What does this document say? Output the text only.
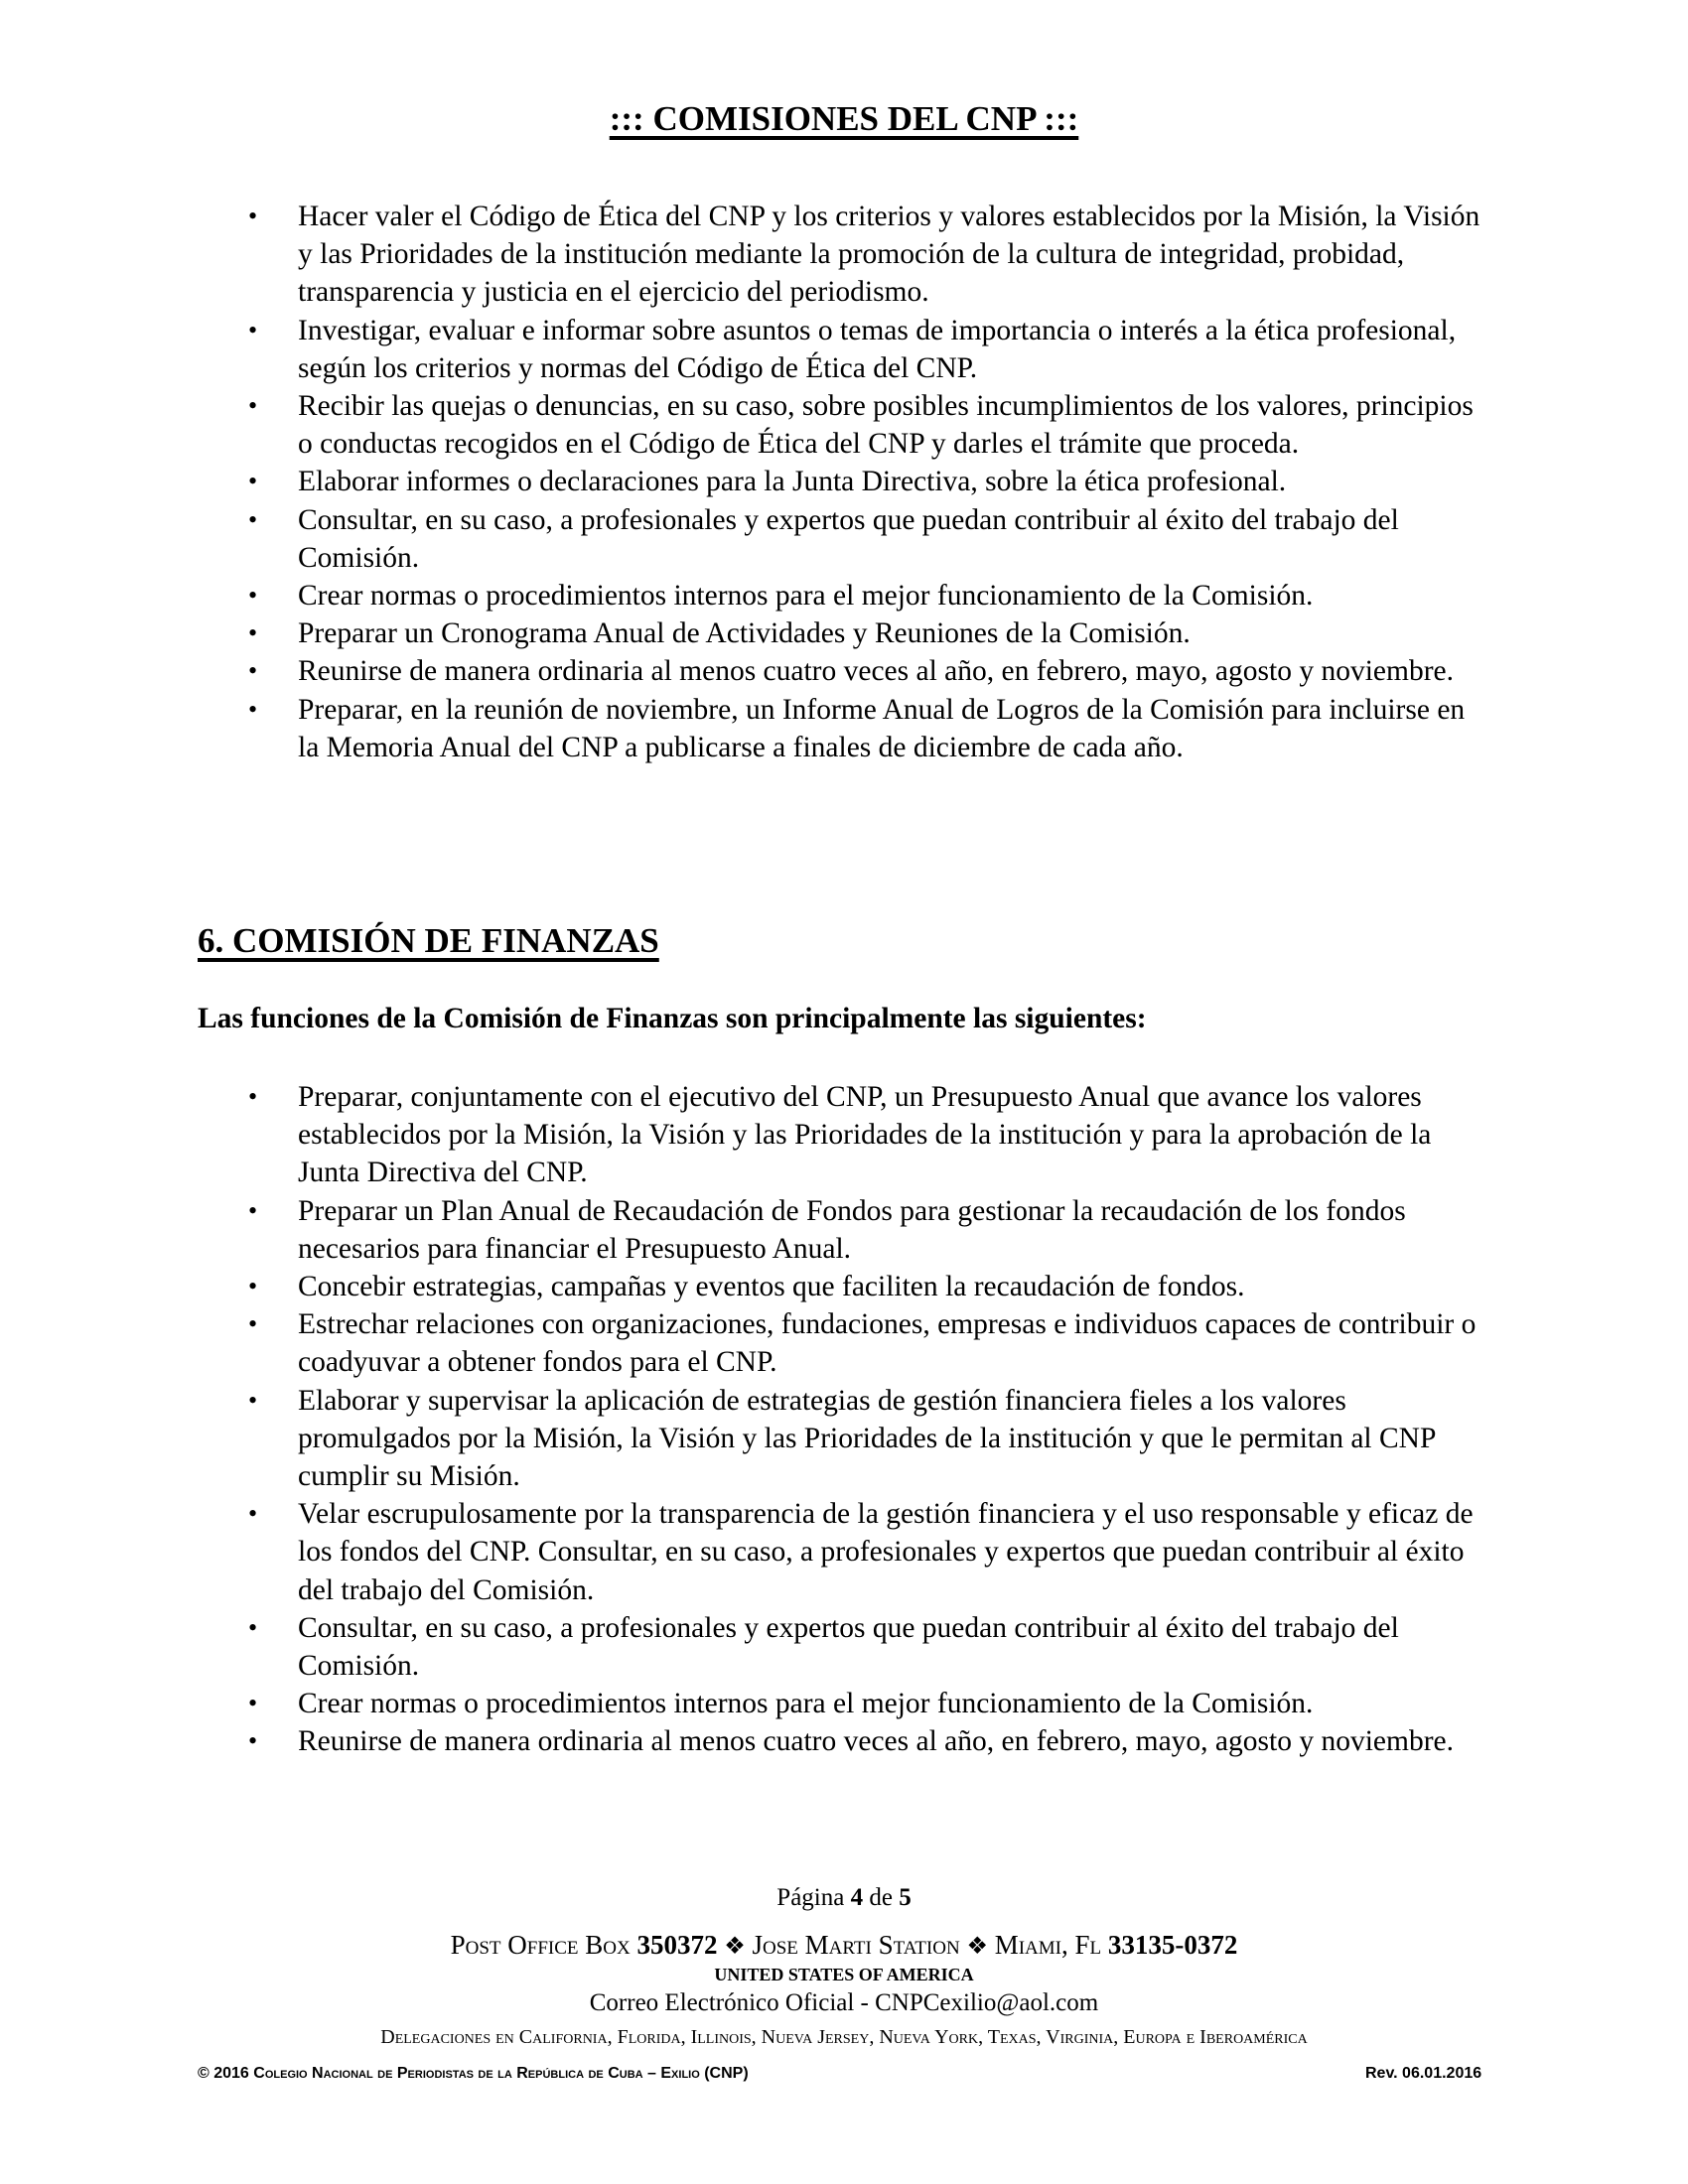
::: COMISIONES DEL CNP :::
•	Hacer valer el Código de Ética del CNP y los criterios y valores establecidos por la Misión, la Visión y las Prioridades de la institución mediante la promoción de la cultura de integridad, probidad, transparencia y justicia en el ejercicio del periodismo.
•	Investigar, evaluar e informar sobre asuntos o temas de importancia o interés a la ética profesional, según los criterios y normas del Código de Ética del CNP.
•	Recibir las quejas o denuncias, en su caso, sobre posibles incumplimientos de los valores, principios o conductas recogidos en el Código de Ética del CNP y darles el trámite que proceda.
•	Elaborar informes o declaraciones para la Junta Directiva, sobre la ética profesional.
•	Consultar, en su caso, a profesionales y expertos que puedan contribuir al éxito del trabajo del Comisión.
•	Crear normas o procedimientos internos para el mejor funcionamiento de la Comisión.
•	Preparar un Cronograma Anual de Actividades y Reuniones de la Comisión.
•	Reunirse de manera ordinaria al menos cuatro veces al año, en febrero, mayo, agosto y noviembre.
•	Preparar, en la reunión de noviembre, un Informe Anual de Logros de la Comisión para incluirse en la Memoria Anual del CNP a publicarse a finales de diciembre de cada año.
6. COMISIÓN DE FINANZAS
Las funciones de la Comisión de Finanzas son principalmente las siguientes:
•	Preparar, conjuntamente con el ejecutivo del CNP, un Presupuesto Anual que avance los valores establecidos por la Misión, la Visión y las Prioridades de la institución y para la aprobación de la Junta Directiva del CNP.
•	Preparar un Plan Anual de Recaudación de Fondos para gestionar la recaudación de los fondos necesarios para financiar el Presupuesto Anual.
•	Concebir estrategias, campañas y eventos que faciliten la recaudación de fondos.
•	Estrechar relaciones con organizaciones, fundaciones, empresas e individuos capaces de contribuir o coadyuvar a obtener fondos para el CNP.
•	Elaborar y supervisar la aplicación de estrategias de gestión financiera fieles a los valores promulgados por la Misión, la Visión y las Prioridades de la institución y que le permitan al CNP cumplir su Misión.
•	Velar escrupulosamente por la transparencia de la gestión financiera y el uso responsable y eficaz de los fondos del CNP. Consultar, en su caso, a profesionales y expertos que puedan contribuir al éxito del trabajo del Comisión.
•	Consultar, en su caso, a profesionales y expertos que puedan contribuir al éxito del trabajo del Comisión.
•	Crear normas o procedimientos internos para el mejor funcionamiento de la Comisión.
•	Reunirse de manera ordinaria al menos cuatro veces al año, en febrero, mayo, agosto y noviembre.
Página 4 de 5
Post Office Box 350372 ❖ Jose Marti Station ❖ Miami, Fl 33135-0372
UNITED STATES OF AMERICA
Correo Electrónico Oficial - CNPCexilio@aol.com
Delegaciones en California, Florida, Illinois, Nueva Jersey, Nueva York, Texas, Virginia, Europa e Iberoamérica
© 2016 Colegio Nacional de Periodistas de la República de Cuba – Exilio (CNP)	Rev. 06.01.2016
